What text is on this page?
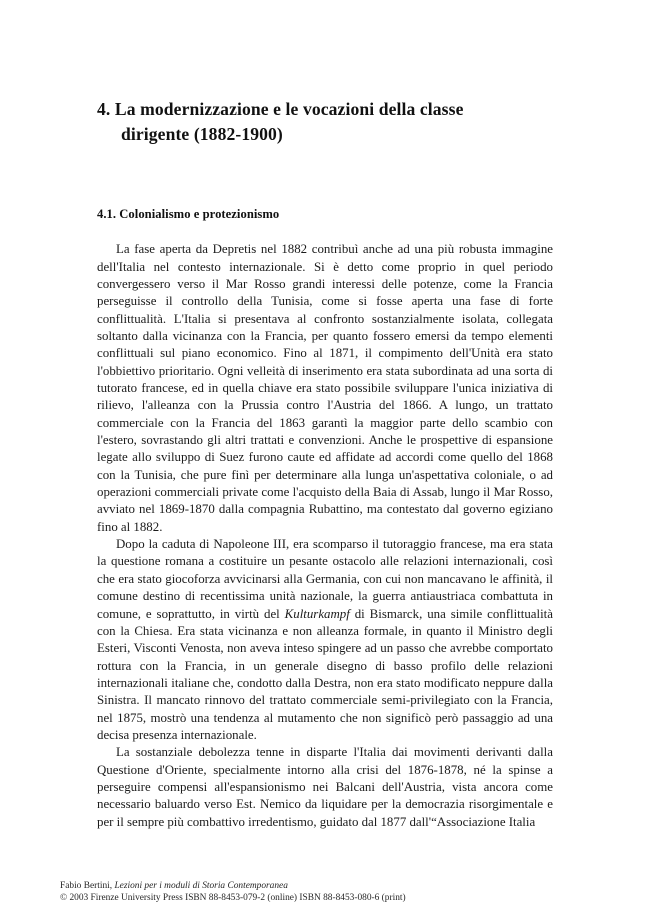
4. La modernizzazione e le vocazioni della classe
dirigente (1882-1900)
4.1. Colonialismo e protezionismo

La fase aperta da Depretis nel 1882 contribuì anche ad una più robusta immagine dell'Italia nel contesto internazionale. Si è detto come proprio in quel periodo convergessero verso il Mar Rosso grandi interessi delle potenze, come la Francia perseguisse il controllo della Tunisia, come si fosse aperta una fase di forte conflittualità. L'Italia si presentava al confronto sostanzialmente isolata, collegata soltanto dalla vicinanza con la Francia, per quanto fossero emersi da tempo elementi conflittuali sul piano economico. Fino al 1871, il compimento dell'Unità era stato l'obbiettivo prioritario. Ogni velleità di inserimento era stata subordinata ad una sorta di tutorato francese, ed in quella chiave era stato possibile sviluppare l'unica iniziativa di rilievo, l'alleanza con la Prussia contro l'Austria del 1866. A lungo, un trattato commerciale con la Francia del 1863 garantì la maggior parte dello scambio con l'estero, sovrastando gli altri trattati e convenzioni. Anche le prospettive di espansione legate allo sviluppo di Suez furono caute ed affidate ad accordi come quello del 1868 con la Tunisia, che pure finì per determinare alla lunga un'aspettativa coloniale, o ad operazioni commerciali private come l'acquisto della Baia di Assab, lungo il Mar Rosso, avviato nel 1869-1870 dalla compagnia Rubattino, ma contestato dal governo egiziano fino al 1882.

Dopo la caduta di Napoleone III, era scomparso il tutoraggio francese, ma era stata la questione romana a costituire un pesante ostacolo alle relazioni internazionali, così che era stato giocoforza avvicinarsi alla Germania, con cui non mancavano le affinità, il comune destino di recentissima unità nazionale, la guerra antiaustriaca combattuta in comune, e soprattutto, in virtù del Kulturkampf di Bismarck, una simile conflittualità con la Chiesa. Era stata vicinanza e non alleanza formale, in quanto il Ministro degli Esteri, Visconti Venosta, non aveva inteso spingere ad un passo che avrebbe comportato rottura con la Francia, in un generale disegno di basso profilo delle relazioni internazionali italiane che, condotto dalla Destra, non era stato modificato neppure dalla Sinistra. Il mancato rinnovo del trattato commerciale semi-privilegiato con la Francia, nel 1875, mostrò una tendenza al mutamento che non significò però passaggio ad una decisa presenza internazionale.

La sostanziale debolezza tenne in disparte l'Italia dai movimenti derivanti dalla Questione d'Oriente, specialmente intorno alla crisi del 1876-1878, né la spinse a perseguire compensi all'espansionismo nei Balcani dell'Austria, vista ancora come necessario baluardo verso Est. Nemico da liquidare per la democrazia risorgimentale e per il sempre più combattivo irredentismo, guidato dal 1877 dall'“Associazione Italia

Fabio Bertini, Lezioni per i moduli di Storia Contemporanea
© 2003 Firenze University Press ISBN 88-8453-079-2 (online) ISBN 88-8453-080-6 (print)
